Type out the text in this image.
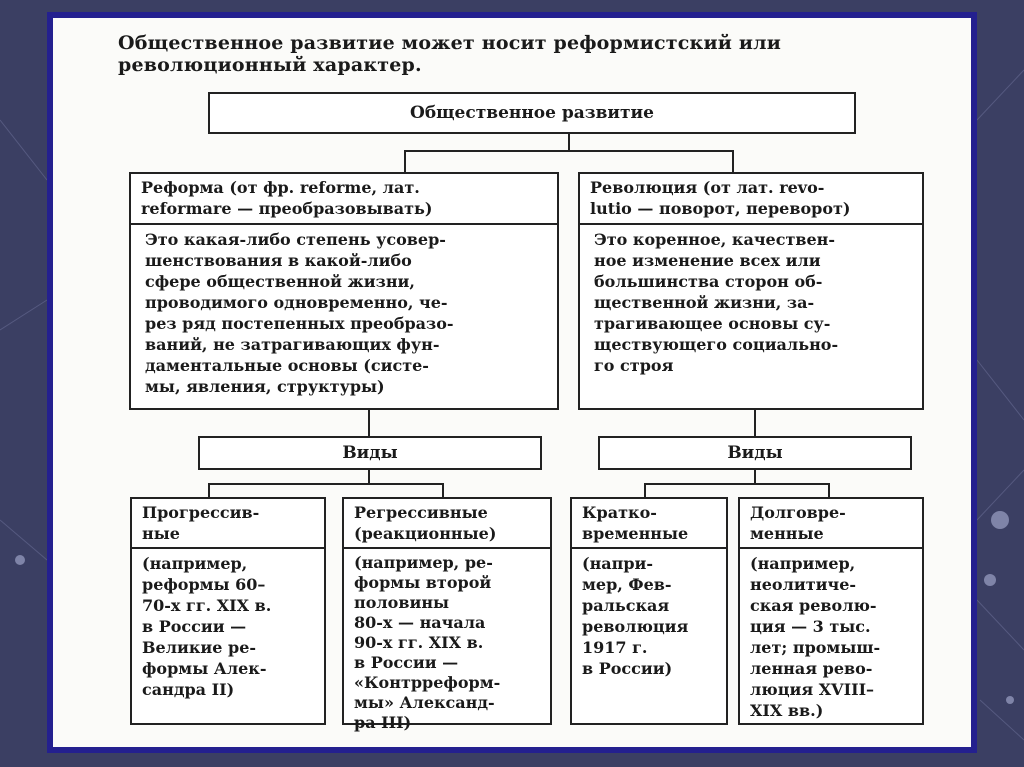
Общественное развитие может носит реформистский или революционный характер.
Общественное развитие
Реформа (от фр. reforme, лат.
reformare — преобразовывать)
Это какая-либо степень усовер-
шенствования в какой-либо
сфере общественной жизни,
проводимого одновременно, че-
рез ряд постепенных преобразо-
ваний, не затрагивающих фун-
даментальные основы (систе-
мы, явления, структуры)
Революция (от лат. revo-
lutio — поворот, переворот)
Это коренное, качествен-
ное изменение всех или
большинства сторон об-
щественной жизни, за-
трагивающее основы су-
ществующего социально-
го строя
Виды	Виды
Прогрессив-
ные
(например,
реформы 60–
70-х гг. XIX в.
в России —
Великие ре-
формы Алек-
сандра II)
Регрессивные
(реакционные)
(например, ре-
формы второй
половины
80-х — начала
90-х гг. XIX в.
в России —
«Контрреформ-
мы» Александ-
ра III)
Кратко-
временные
(напри-
мер, Фев-
ральская
революция
1917 г.
в России)
Долговре-
менные
(например,
неолитиче-
ская револю-
ция — 3 тыс.
лет; промыш-
ленная рево-
люция XVIII–
XIX вв.)
